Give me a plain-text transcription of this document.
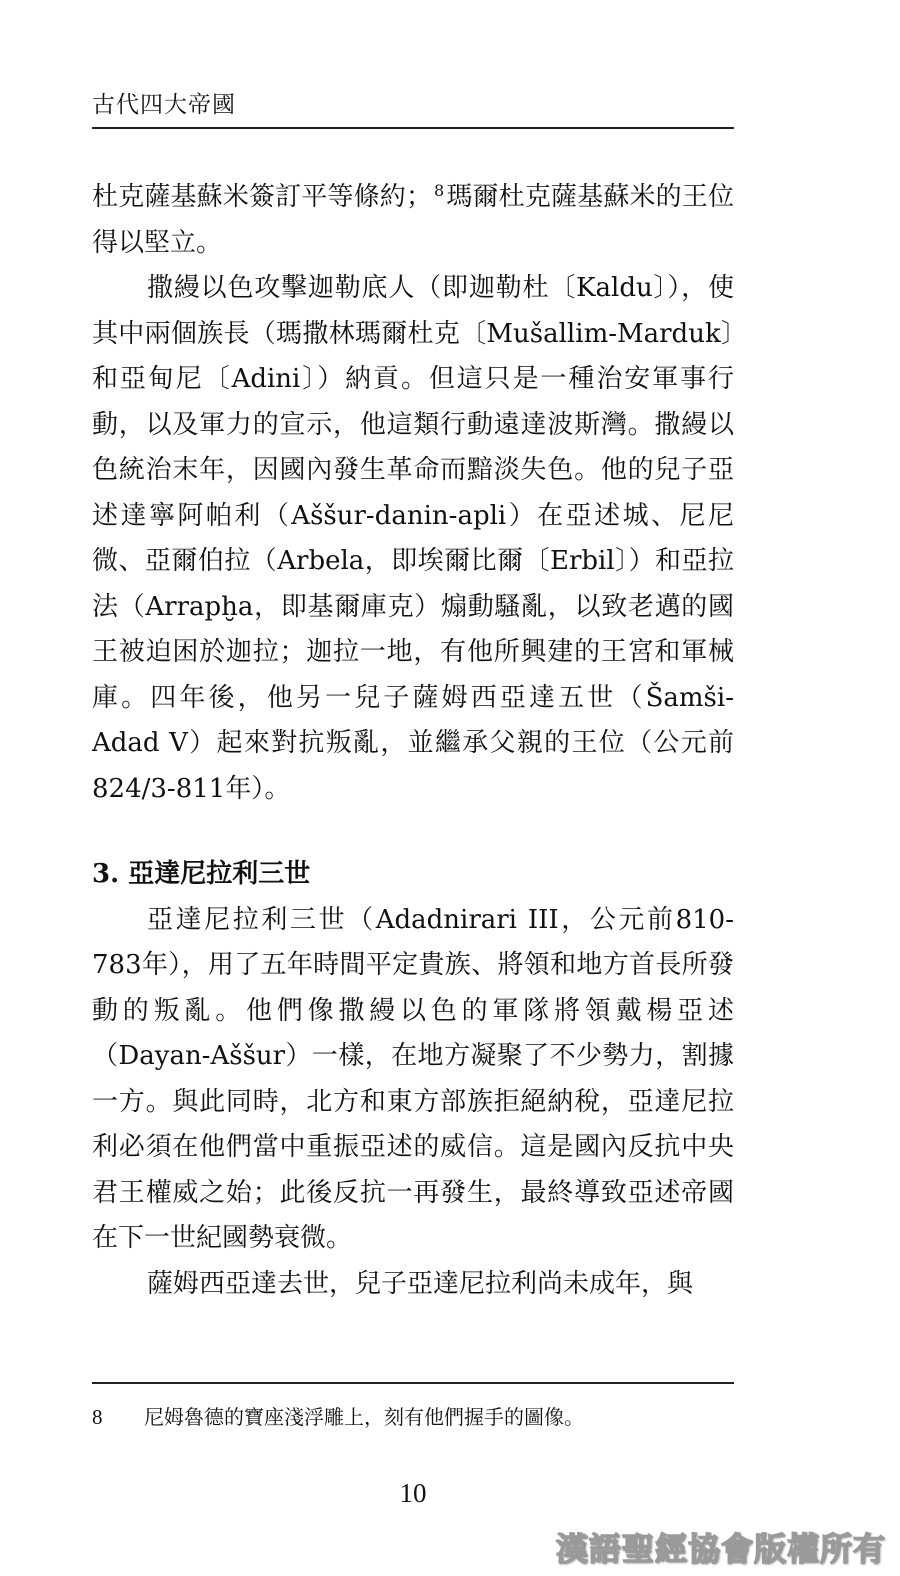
古代四大帝國

杜克薩基蘇米簽訂平等條約； $^8$瑪爾杜克薩基蘇米的王位得以堅立。

撒縵以色攻擊迦勒底人（即迦勒杜〔Kaldu〕），使其中兩個族長（瑪撒林瑪爾杜克〔Mušallim-Marduk〕和亞甸尼〔Adini〕）納貢。但這只是一種治安軍事行動，以及軍力的宣示，他這類行動遠達波斯灣。撒縵以色統治末年，因國內發生革命而黯淡失色。他的兒子亞述達寧阿帕利（Aššur-danin-apli）在亞述城、尼尼微、亞爾伯拉（Arbela，即埃爾比爾〔Erbil〕）和亞拉法（Arrapḫa，即基爾庫克）煽動騷亂，以致老邁的國王被迫困於迦拉；迦拉一地，有他所興建的王宮和軍械庫。四年後，他另一兒子薩姆西亞達五世（Šamši-Adad V）起來對抗叛亂，並繼承父親的王位（公元前824/3-811年）。

3. 亞達尼拉利三世

亞達尼拉利三世（Adadnirari III，公元前810-783年），用了五年時間平定貴族、將領和地方首長所發動的叛亂。他們像撒縵以色的軍隊將領戴楊亞述（Dayan-Aššur）一樣，在地方凝聚了不少勢力，割據一方。與此同時，北方和東方部族拒絕納稅，亞達尼拉利必須在他們當中重振亞述的威信。這是國內反抗中央君王權威之始；此後反抗一再發生，最終導致亞述帝國在下一世紀國勢衰微。

薩姆西亞達去世，兒子亞達尼拉利尚未成年，與

8 尼姆魯德的寶座淺浮雕上，刻有他們握手的圖像。
10
漢語聖經協會版權所有
